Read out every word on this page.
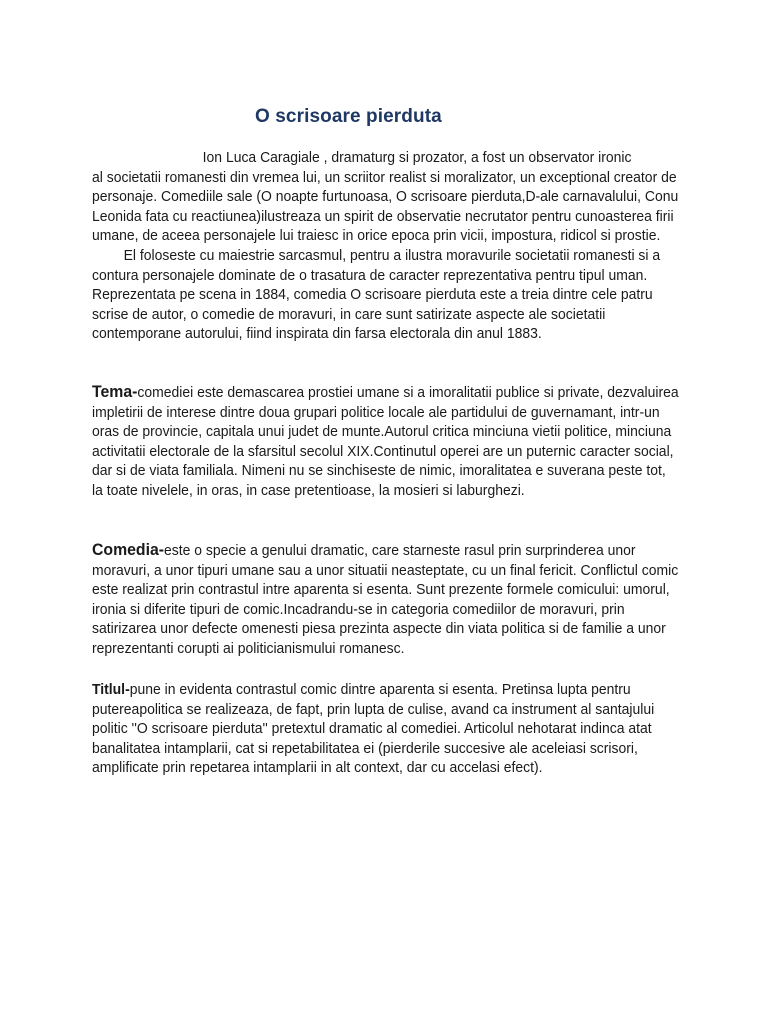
O scrisoare pierduta

Ion Luca Caragiale , dramaturg si prozator, a fost un observator ironic
al societatii romanesti din vremea lui, un scriitor realist si moralizator, un exceptional creator de personaje. Comediile sale (O noapte furtunoasa, O scrisoare pierduta,D-ale carnavalului, Conu Leonida fata cu reactiunea)ilustreaza un spirit de observatie necrutator pentru cunoasterea firii umane, de aceea personajele lui traiesc in orice epoca prin vicii, impostura, ridicol si prostie.

El foloseste cu maiestrie sarcasmul, pentru a ilustra moravurile societatii romanesti si a contura personajele dominate de o trasatura de caracter reprezentativa pentru tipul uman. Reprezentata pe scena in 1884, comedia O scrisoare pierduta este a treia dintre cele patru scrise de autor, o comedie de moravuri, in care sunt satirizate aspecte ale societatii contemporane autorului, fiind inspirata din farsa electorala din anul 1883.

Tema-comediei este demascarea prostiei umane si a imoralitatii publice si private, dezvaluirea impletirii de interese dintre doua grupari politice locale ale partidului de guvernamant, intr-un oras de provincie, capitala unui judet de munte.Autorul critica minciuna vietii politice, minciuna activitatii electorale de la sfarsitul secolul XIX.Continutul operei are un puternic caracter social, dar si de viata familiala. Nimeni nu se sinchiseste de nimic, imoralitatea e suverana peste tot, la toate nivelele, in oras, in case pretentioase, la mosieri si laburghezi.

Comedia-este o specie a genului dramatic, care starneste rasul prin surprinderea unor moravuri, a unor tipuri umane sau a unor situatii neasteptate, cu un final fericit. Conflictul comic este realizat prin contrastul intre aparenta si esenta. Sunt prezente formele comicului: umorul, ironia si diferite tipuri de comic.Incadrandu-se in categoria comediilor de moravuri, prin satirizarea unor defecte omenesti piesa prezinta aspecte din viata politica si de familie a unor reprezentanti corupti ai politicianismului romanesc.

Titlul-pune in evidenta contrastul comic dintre aparenta si esenta. Pretinsa lupta pentru putereapolitica se realizeaza, de fapt, prin lupta de culise, avand ca instrument al santajului politic ''O scrisoare pierduta'' pretextul dramatic al comediei. Articolul nehotarat indinca atat banalitatea intamplarii, cat si repetabilitatea ei (pierderile succesive ale aceleiasi scrisori, amplificate prin repetarea intamplarii in alt context, dar cu accelasi efect).
